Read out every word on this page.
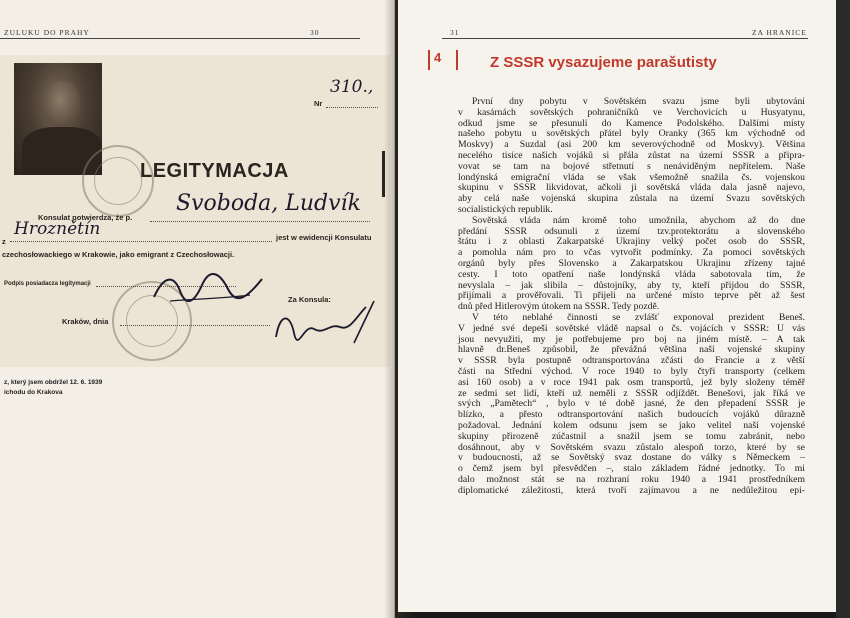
ZULUKU DO PRAHY	30
Nr
310.,
LEGITYMACJA
Konsulat potwierdza, że p.
Svoboda, Ludvík
z
Hroznětín	jest w ewidencji Konsulatu
czechosłowackiego w Krakowie, jako emigrant z Czechosłowacji.
Podpis posiadacza legitymacji
Za Konsula:
Kraków, dnia
z, který jsem obdržel 12. 6. 1939
ichodu do Krakova
31	ZA HRANICE
4	Z SSSR vysazujeme parašutisty

První dny pobytu v Sovětském svazu jsme byli ubytováni
v kasárnách sovětských pohraničníků ve Verchovicích u Husyatynu,
odkud jsme se přesunuli do Kamence Podolského. Dalšími místy
našeho pobytu u sovětských přátel byly Oranky (365 km východně od
Moskvy) a Suzdal (asi 200 km severovýchodně od Moskvy). Většina
necelého tisíce našich vojáků si přála zůstat na území SSSR a připra-
vovat se tam na bojové střetnutí s nenáviděným nepřítelem. Naše
londýnská emigrační vláda se však všemožně snažila čs. vojenskou
skupinu v SSSR likvidovat, ačkoli ji sovětská vláda dala jasně najevo,
aby celá naše vojenská skupina zůstala na území Svazu sovětských
socialistických republik.

Sovětská vláda nám kromě toho umožnila, abychom až do dne
předání SSSR odsunuli z území tzv.protektorátu a slovenského
štátu i z oblasti Zakarpatské Ukrajiny velký počet osob do SSSR,
a pomohla nám pro to včas vytvořit podmínky. Za pomoci sovětských
orgánů byly přes Slovensko a Zakarpatskou Ukrajinu zřízeny tajné
cesty. I toto opatření naše londýnská vláda sabotovala tím, že
nevyslala – jak slibila – důstojníky, aby ty, kteří přijdou do SSSR,
přijímali a prověřovali. Ti přijeli na určené místo teprve pět až šest
dnů před Hitlerovým útokem na SSSR. Tedy pozdě.

V této neblahé činnosti se zvlášť exponoval prezident Beneš.
V jedné své depeši sovětské vládě napsal o čs. vojácích v SSSR: U vás
jsou nevyužiti, my je potřebujeme pro boj na jiném místě. – A tak
hlavně dr.Beneš způsobil, že převážná většina naší vojenské skupiny
v SSSR byla postupně odtransportována zčásti do Francie a z větší
části na Střední východ. V roce 1940 to byly čtyři transporty (celkem
asi 160 osob) a v roce 1941 pak osm transportů, jež byly složeny téměř
ze sedmi set lidí, kteří už neměli z SSSR odjíždět. Benešovi, jak říká ve
svých „Pamětech“ , bylo v té době jasné, že den přepadení SSSR je
blízko, a přesto odtransportování našich budoucích vojáků důrazně
požadoval. Jednání kolem odsunu jsem se jako velitel naší vojenské
skupiny přirozeně zúčastnil a snažil jsem se tomu zabránit, nebo
dosáhnout, aby v Sovětském svazu zůstalo alespoň torzo, které by se
v budoucnosti, až se Sovětský svaz dostane do války s Německem –
o čemž jsem byl přesvědčen –, stalo základem řádné jednotky. To mi
dalo možnost stát se na rozhraní roku 1940 a 1941 prostředníkem
diplomatické záležitosti, která tvoří zajímavou a ne nedůležitou epi-
